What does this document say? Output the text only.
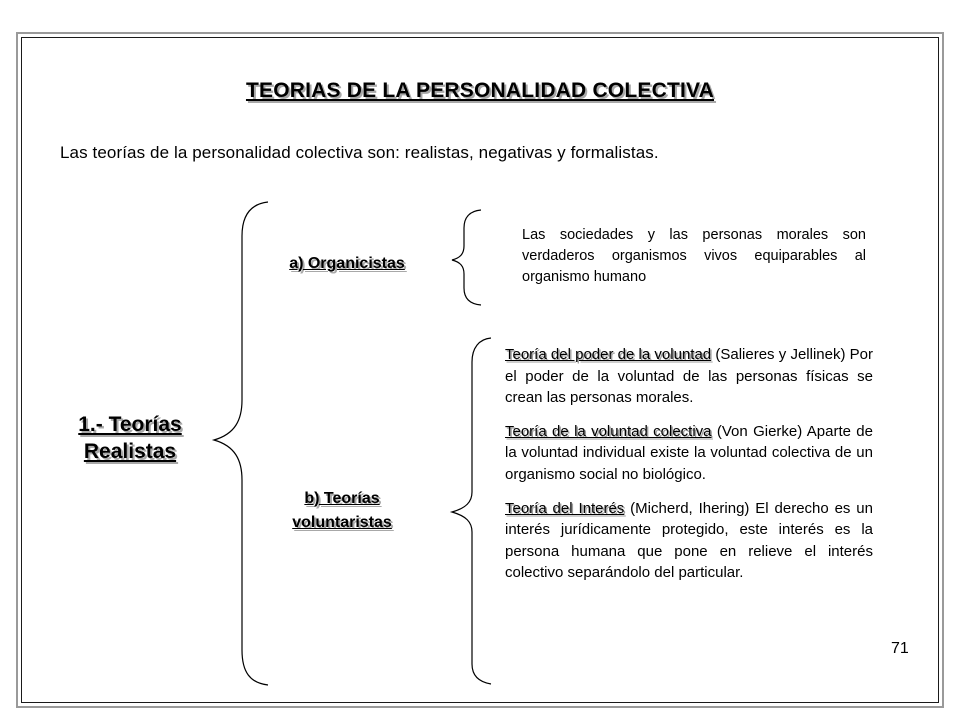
TEORIAS DE LA PERSONALIDAD COLECTIVA
Las teorías de la personalidad colectiva son: realistas, negativas y formalistas.
1.- Teorías
Realistas
a) Organicistas
b) Teorías
voluntaristas
Las sociedades y las personas morales son verdaderos organismos vivos equiparables al organismo humano

Teoría del poder de la voluntad (Salieres y Jellinek) Por el poder de la voluntad de las personas físicas se crean las personas morales.

Teoría de la voluntad colectiva (Von Gierke) Aparte de la voluntad individual existe la voluntad colectiva de un organismo social no biológico.

Teoría del Interés (Micherd, Ihering) El derecho es un interés jurídicamente protegido, este interés es la persona humana que pone en relieve el interés colectivo separándolo del particular.

71
